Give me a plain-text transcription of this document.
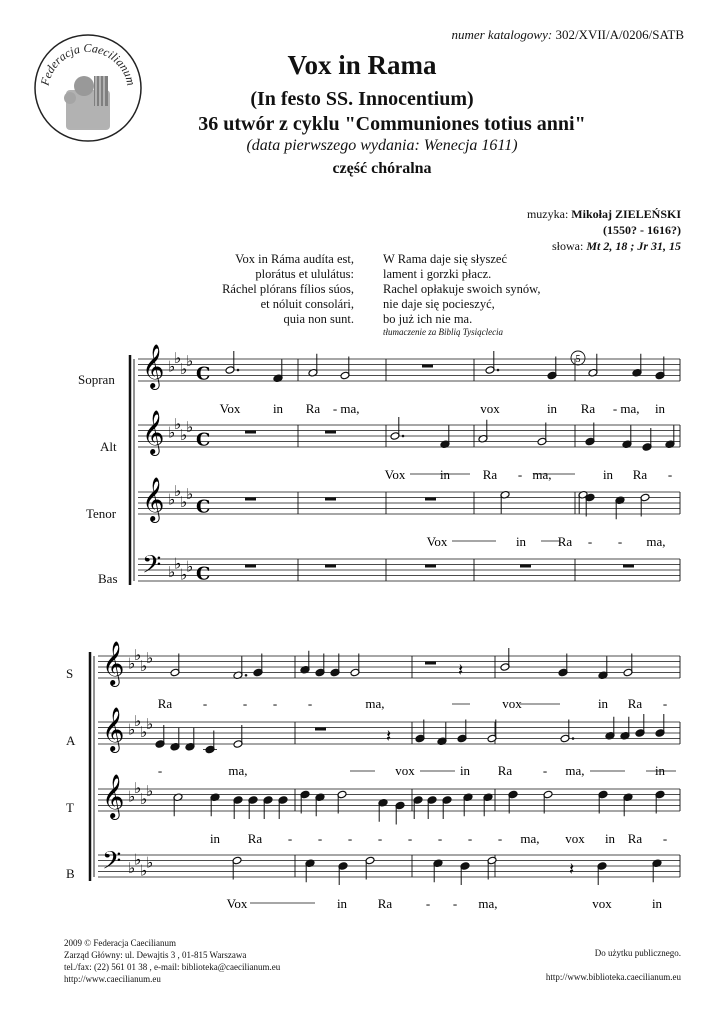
numer katalogowy: 302/XVII/A/0206/SATB
Federacja Caecilianum
Vox in Rama
(In festo SS. Innocentium)
36 utwór z cyklu "Communiones totius anni"
(data pierwszego wydania: Wenecja 1611)
część chóralna
muzyka: Mikołaj ZIELEŃSKI
(1550? - 1616?)
słowa: Mt 2, 18 ; Jr 31, 15
Vox in Ráma audíta est,
plorátus et ululátus:
Ráchel plórans fílios súos,
et nóluit consolári,
quia non sunt.
W Rama daje się słyszeć
lament i gorzki płacz.
Rachel opłakuje swoich synów,
nie daje się pocieszyć,
bo już ich nie ma.
tłumaczenie za Biblią Tysiąclecia
Sopran
Alt
Tenor
Bas
S
A
T
B
𝄞 ♭
♭
♭
♭
C
𝄞 ♭
♭
♭
♭
C
𝄞 ♭
♭
♭
♭
C
𝄢 ♭
♭
♭
♭ C
5
𝄞 ♭
♭
♭
♭
𝄞 ♭
♭
♭
♭
𝄞 ♭
♭
♭
♭
𝄢 ♭
♭
♭
♭
𝄽
𝄽
𝄽
Vox	in Ra - ma,	vox	in Ra - ma, in
Vox	in	Ra - ma,	in Ra -
Vox	in Ra - - ma,
Ra -	- - -	ma,	vox	in Ra -
-	ma,	vox	in Ra - ma,	in
in Ra - - - - - - - - ma, vox in Ra -
Vox	in Ra	- - ma,	vox	in
2009 © Federacja Caecilianum
Zarząd Główny: ul. Dewajtis 3 , 01-815 Warszawa
tel./fax: (22) 561 01 38 , e-mail: biblioteka@caecilianum.eu
http://www.caecilianum.eu
Do użytku publicznego.
http://www.biblioteka.caecilianum.eu
